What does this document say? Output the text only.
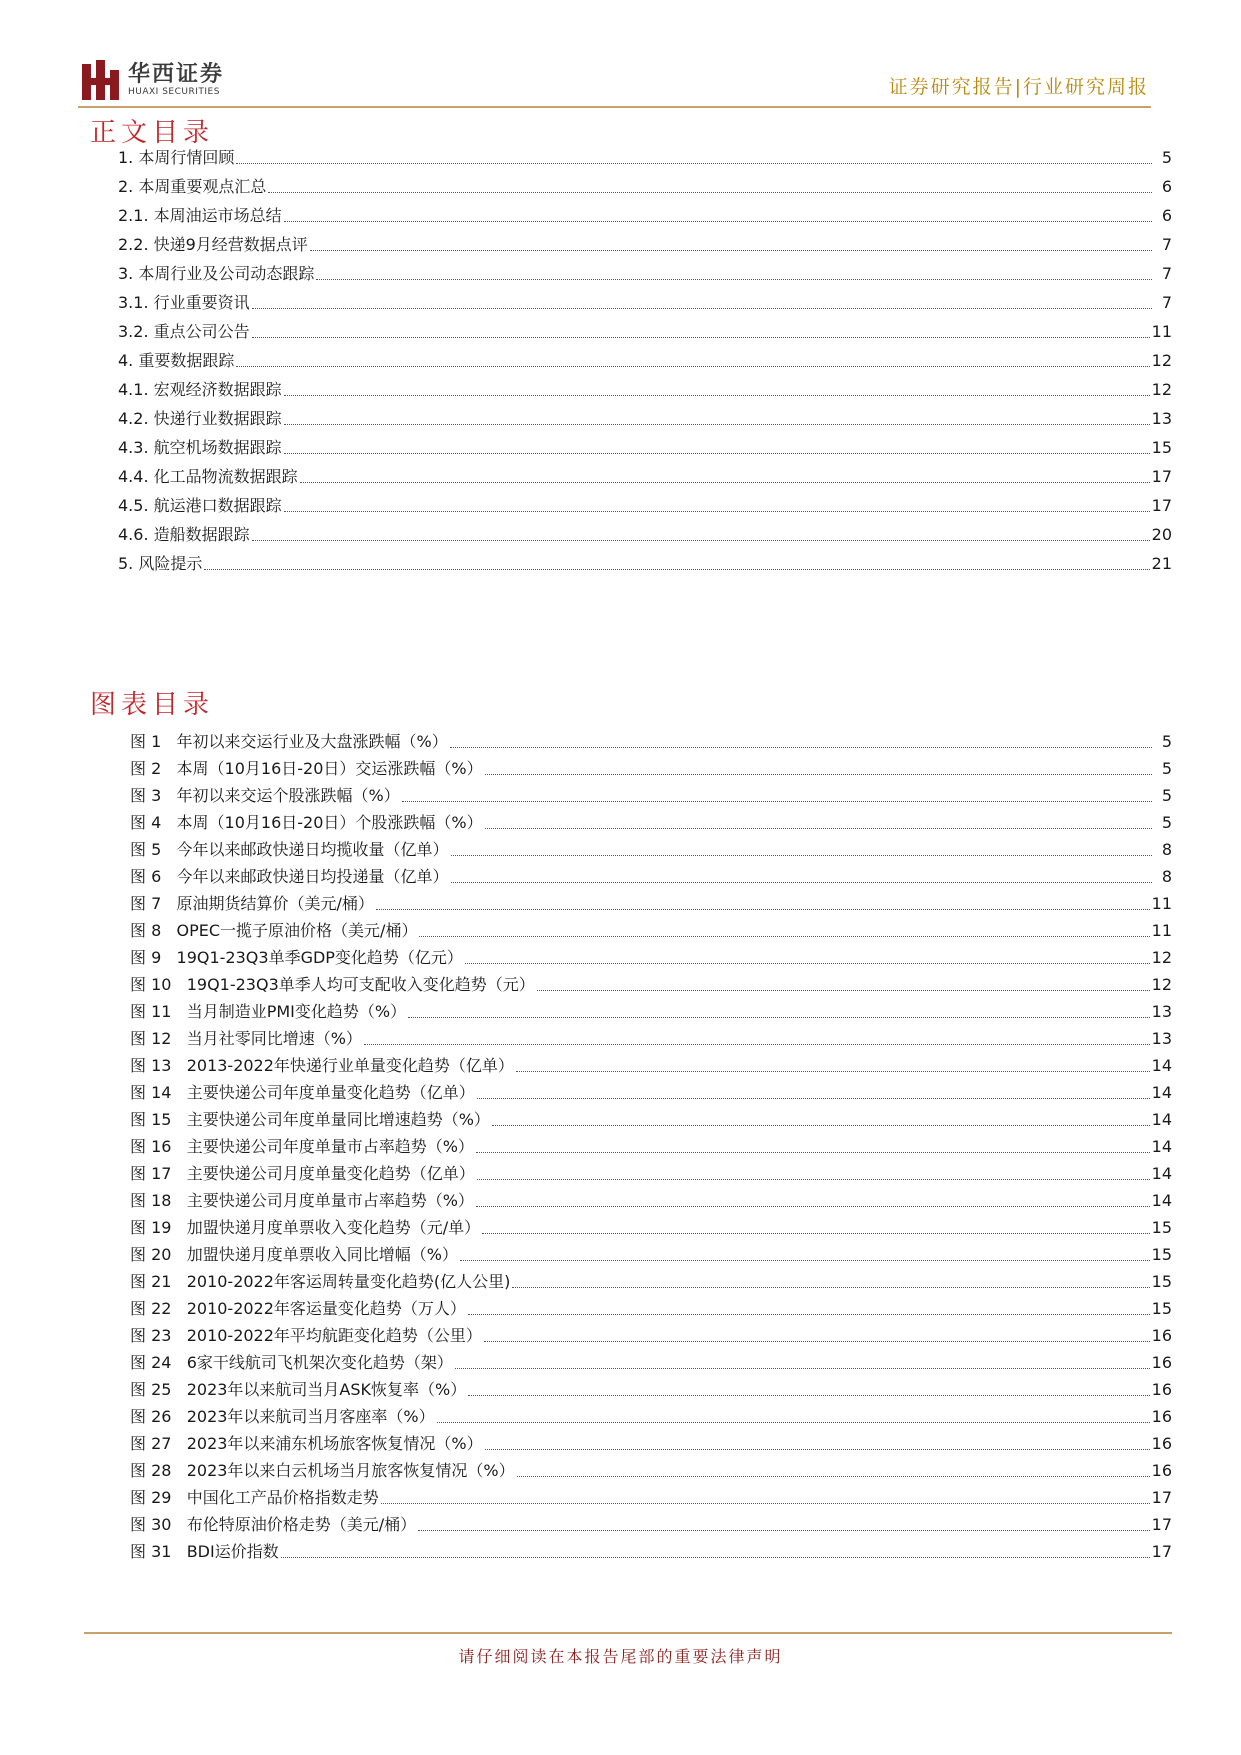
华西证券
HUAXI SECURITIES	证券研究报告|行业研究周报
正文目录
1. 本周行情回顾	5
2. 本周重要观点汇总	6
2.1. 本周油运市场总结	6
2.2. 快递9月经营数据点评	7
3. 本周行业及公司动态跟踪	7
3.1. 行业重要资讯	7
3.2. 重点公司公告	11
4. 重要数据跟踪	12
4.1. 宏观经济数据跟踪	12
4.2. 快递行业数据跟踪	13
4.3. 航空机场数据跟踪	15
4.4. 化工品物流数据跟踪	17
4.5. 航运港口数据跟踪	17
4.6. 造船数据跟踪	20
5. 风险提示	21
图表目录
图 1   年初以来交运行业及大盘涨跌幅（%）	5
图 2   本周（10月16日-20日）交运涨跌幅（%）	5
图 3   年初以来交运个股涨跌幅（%）	5
图 4   本周（10月16日-20日）个股涨跌幅（%）	5
图 5   今年以来邮政快递日均揽收量（亿单）	8
图 6   今年以来邮政快递日均投递量（亿单）	8
图 7   原油期货结算价（美元/桶）	11
图 8   OPEC一揽子原油价格（美元/桶）	11
图 9   19Q1-23Q3单季GDP变化趋势（亿元）	12
图 10   19Q1-23Q3单季人均可支配收入变化趋势（元）	12
图 11   当月制造业PMI变化趋势（%）	13
图 12   当月社零同比增速（%）	13
图 13   2013-2022年快递行业单量变化趋势（亿单）	14
图 14   主要快递公司年度单量变化趋势（亿单）	14
图 15   主要快递公司年度单量同比增速趋势（%）	14
图 16   主要快递公司年度单量市占率趋势（%）	14
图 17   主要快递公司月度单量变化趋势（亿单）	14
图 18   主要快递公司月度单量市占率趋势（%）	14
图 19   加盟快递月度单票收入变化趋势（元/单）	15
图 20   加盟快递月度单票收入同比增幅（%）	15
图 21   2010-2022年客运周转量变化趋势(亿人公里)	15
图 22   2010-2022年客运量变化趋势（万人）	15
图 23   2010-2022年平均航距变化趋势（公里）	16
图 24   6家干线航司飞机架次变化趋势（架）	16
图 25   2023年以来航司当月ASK恢复率（%）	16
图 26   2023年以来航司当月客座率（%）	16
图 27   2023年以来浦东机场旅客恢复情况（%）	16
图 28   2023年以来白云机场当月旅客恢复情况（%）	16
图 29   中国化工产品价格指数走势	17
图 30   布伦特原油价格走势（美元/桶）	17
图 31   BDI运价指数	17
请仔细阅读在本报告尾部的重要法律声明
